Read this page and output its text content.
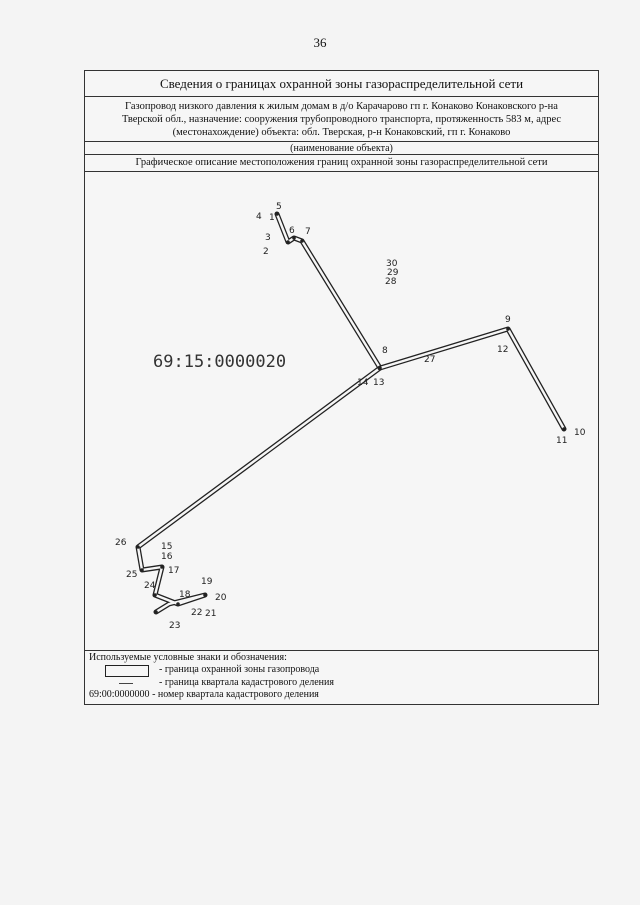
36
Сведения о границах охранной зоны газораспределительной сети
Газопровод низкого давления к жилым домам в д/о Карачарово гп г. Конаково Конаковского р-на
Тверской обл., назначение: сооружения трубопроводного транспорта, протяженность 583 м, адрес
(местонахождение) объекта: обл. Тверская, р-н Конаковский, гп г. Конаково
(наименование объекта)
Графическое описание местоположения границ охранной зоны газораспределительной сети
69:15:0000020
1
2
3
4
5
6 7
8
9
10
11
12
13
14
15
16
17
18
19
20
21
22
23
24
25
26
27
28
29
30
Используемые условные знаки и обозначения:
- граница охранной зоны газопровода
- граница квартала кадастрового деления
69:00:0000000 - номер квартала кадастрового деления
